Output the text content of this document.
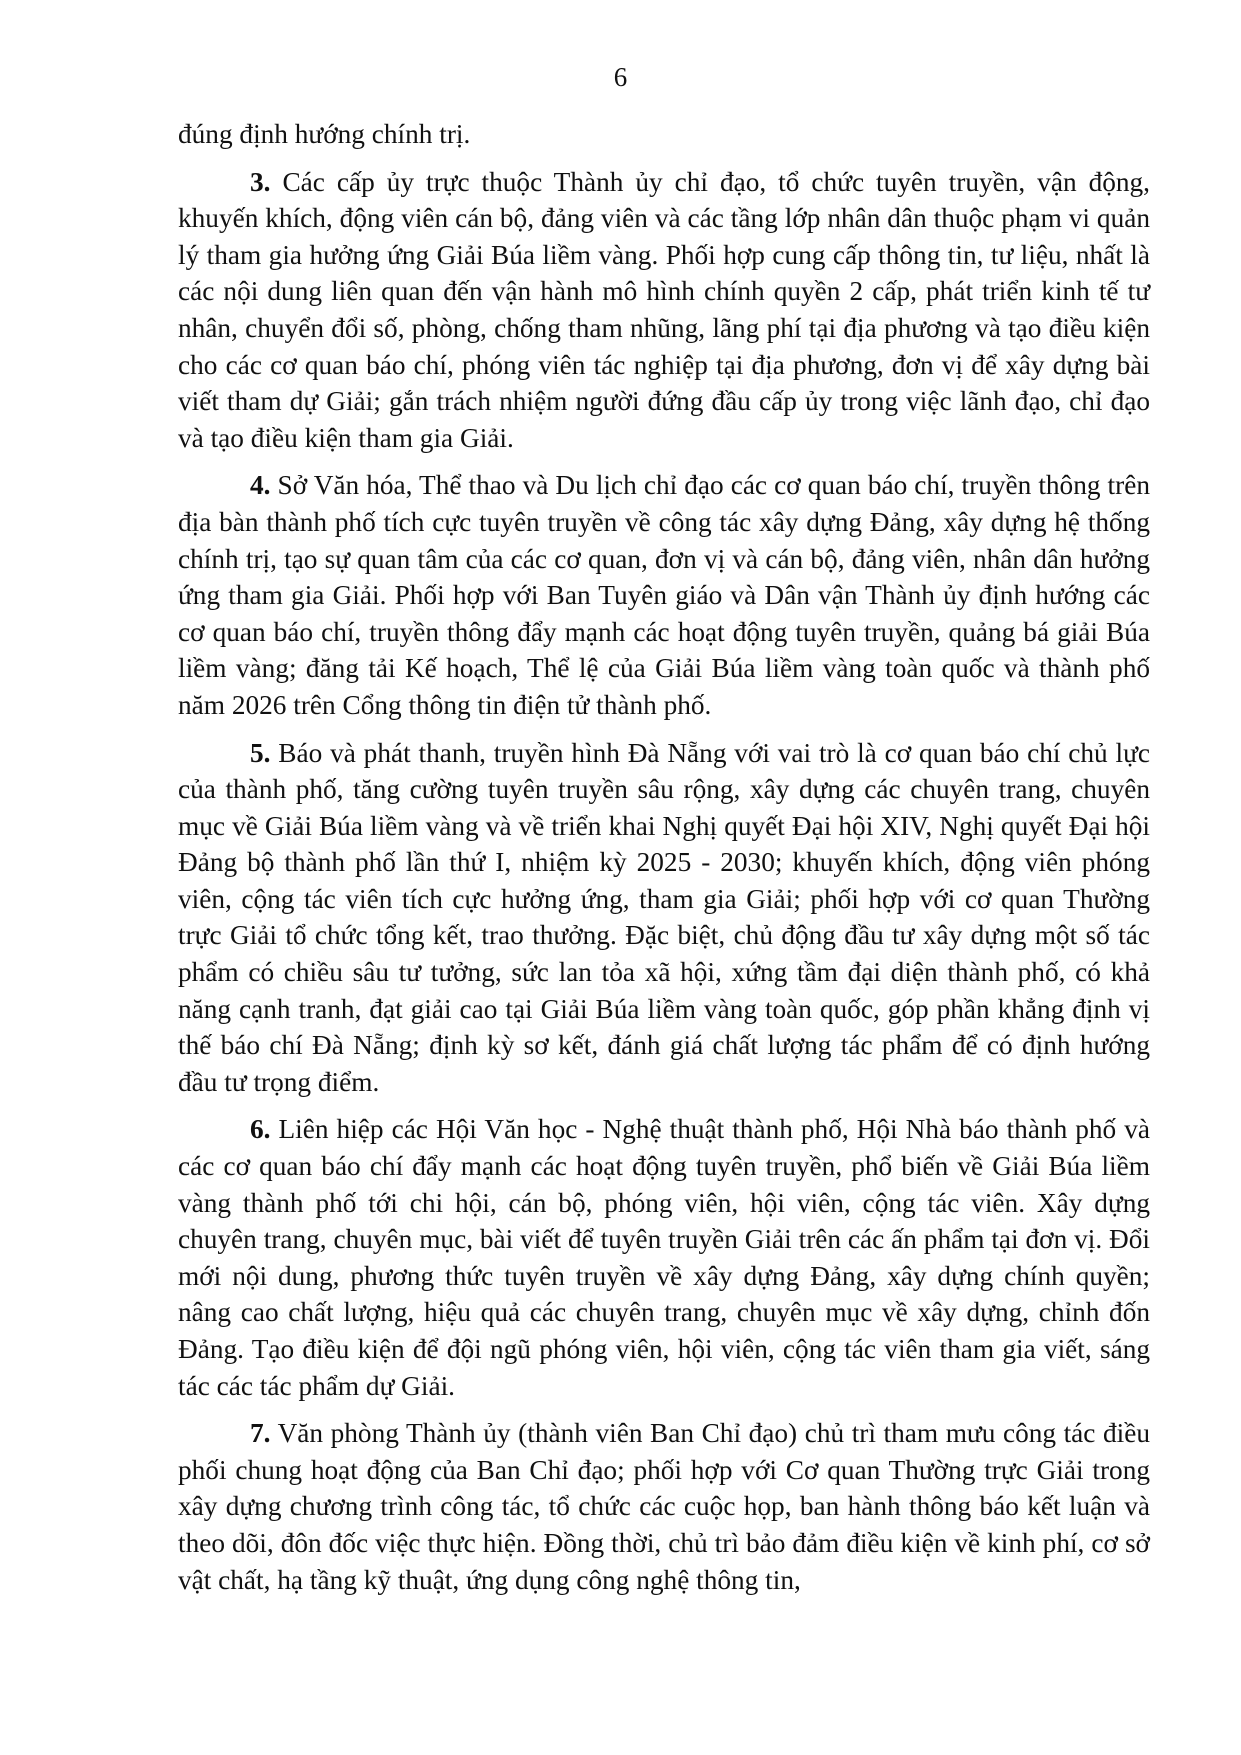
6

đúng định hướng chính trị.

3. Các cấp ủy trực thuộc Thành ủy chỉ đạo, tổ chức tuyên truyền, vận động, khuyến khích, động viên cán bộ, đảng viên và các tầng lớp nhân dân thuộc phạm vi quản lý tham gia hưởng ứng Giải Búa liềm vàng. Phối hợp cung cấp thông tin, tư liệu, nhất là các nội dung liên quan đến vận hành mô hình chính quyền 2 cấp, phát triển kinh tế tư nhân, chuyển đổi số, phòng, chống tham nhũng, lãng phí tại địa phương và tạo điều kiện cho các cơ quan báo chí, phóng viên tác nghiệp tại địa phương, đơn vị để xây dựng bài viết tham dự Giải; gắn trách nhiệm người đứng đầu cấp ủy trong việc lãnh đạo, chỉ đạo và tạo điều kiện tham gia Giải.

4. Sở Văn hóa, Thể thao và Du lịch chỉ đạo các cơ quan báo chí, truyền thông trên địa bàn thành phố tích cực tuyên truyền về công tác xây dựng Đảng, xây dựng hệ thống chính trị, tạo sự quan tâm của các cơ quan, đơn vị và cán bộ, đảng viên, nhân dân hưởng ứng tham gia Giải. Phối hợp với Ban Tuyên giáo và Dân vận Thành ủy định hướng các cơ quan báo chí, truyền thông đẩy mạnh các hoạt động tuyên truyền, quảng bá giải Búa liềm vàng; đăng tải Kế hoạch, Thể lệ của Giải Búa liềm vàng toàn quốc và thành phố năm 2026 trên Cổng thông tin điện tử thành phố.

5. Báo và phát thanh, truyền hình Đà Nẵng với vai trò là cơ quan báo chí chủ lực của thành phố, tăng cường tuyên truyền sâu rộng, xây dựng các chuyên trang, chuyên mục về Giải Búa liềm vàng và về triển khai Nghị quyết Đại hội XIV, Nghị quyết Đại hội Đảng bộ thành phố lần thứ I, nhiệm kỳ 2025 - 2030; khuyến khích, động viên phóng viên, cộng tác viên tích cực hưởng ứng, tham gia Giải; phối hợp với cơ quan Thường trực Giải tổ chức tổng kết, trao thưởng. Đặc biệt, chủ động đầu tư xây dựng một số tác phẩm có chiều sâu tư tưởng, sức lan tỏa xã hội, xứng tầm đại diện thành phố, có khả năng cạnh tranh, đạt giải cao tại Giải Búa liềm vàng toàn quốc, góp phần khẳng định vị thế báo chí Đà Nẵng; định kỳ sơ kết, đánh giá chất lượng tác phẩm để có định hướng đầu tư trọng điểm.

6. Liên hiệp các Hội Văn học - Nghệ thuật thành phố, Hội Nhà báo thành phố và các cơ quan báo chí đẩy mạnh các hoạt động tuyên truyền, phổ biến về Giải Búa liềm vàng thành phố tới chi hội, cán bộ, phóng viên, hội viên, cộng tác viên. Xây dựng chuyên trang, chuyên mục, bài viết để tuyên truyền Giải trên các ấn phẩm tại đơn vị. Đổi mới nội dung, phương thức tuyên truyền về xây dựng Đảng, xây dựng chính quyền; nâng cao chất lượng, hiệu quả các chuyên trang, chuyên mục về xây dựng, chỉnh đốn Đảng. Tạo điều kiện để đội ngũ phóng viên, hội viên, cộng tác viên tham gia viết, sáng tác các tác phẩm dự Giải.

7. Văn phòng Thành ủy (thành viên Ban Chỉ đạo) chủ trì tham mưu công tác điều phối chung hoạt động của Ban Chỉ đạo; phối hợp với Cơ quan Thường trực Giải trong xây dựng chương trình công tác, tổ chức các cuộc họp, ban hành thông báo kết luận và theo dõi, đôn đốc việc thực hiện. Đồng thời, chủ trì bảo đảm điều kiện về kinh phí, cơ sở vật chất, hạ tầng kỹ thuật, ứng dụng công nghệ thông tin,
